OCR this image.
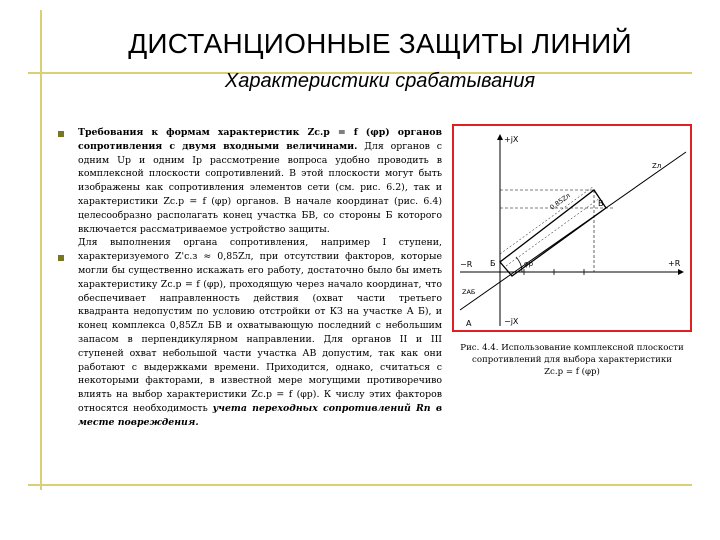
ДИСТАНЦИОННЫЕ ЗАЩИТЫ ЛИНИЙ
Характеристики срабатывания

Требования к формам характеристик Zс.р = f (φр) органов сопротивления с двумя входными величинами. Для органов с одним Uр и одним Iр рассмотрение вопроса удобно проводить в комплексной плоскости сопротивлений. В этой плоскости могут быть изображены как сопротивления элементов сети (см. рис. 6.2), так и характеристики Zс.р = f (φр) органов. В начале координат (рис. 6.4) целесообразно располагать конец участка БВ, со стороны Б которого включается рассматриваемое устройство защиты.

Для выполнения органа сопротивления, например I ступени, характеризуемого Z'с.з ≈ 0,85Zл, при отсутствии факторов, которые могли бы существенно искажать его работу, достаточно было бы иметь характеристику Zс.р = f (φр), проходящую через начало координат, что обеспечивает направленность действия (охват части третьего квадранта недопустим по условию отстройки от КЗ на участке А Б), и конец комплекса 0,85Zл БВ и охватывающую последний с небольшим запасом в перпендикулярном направлении. Для органов II и III ступеней охват небольшой части участка АВ допустим, так как они работают с выдержками времени. Приходится, однако, считаться с некоторыми факторами, в известной мере могущими противоречиво влиять на выбор характеристики Zс.р = f (φр). К числу этих факторов относятся необходимость учета переходных сопротивлений Rп в месте повреждения.

+jX
+R
−R
−jX
Б
В
А
φр
Zл
0,85Zл
ZАБ
Рис. 4.4. Использование комплексной плоскости
сопротивлений для выбора характеристики
Zс.р = f (φр)
